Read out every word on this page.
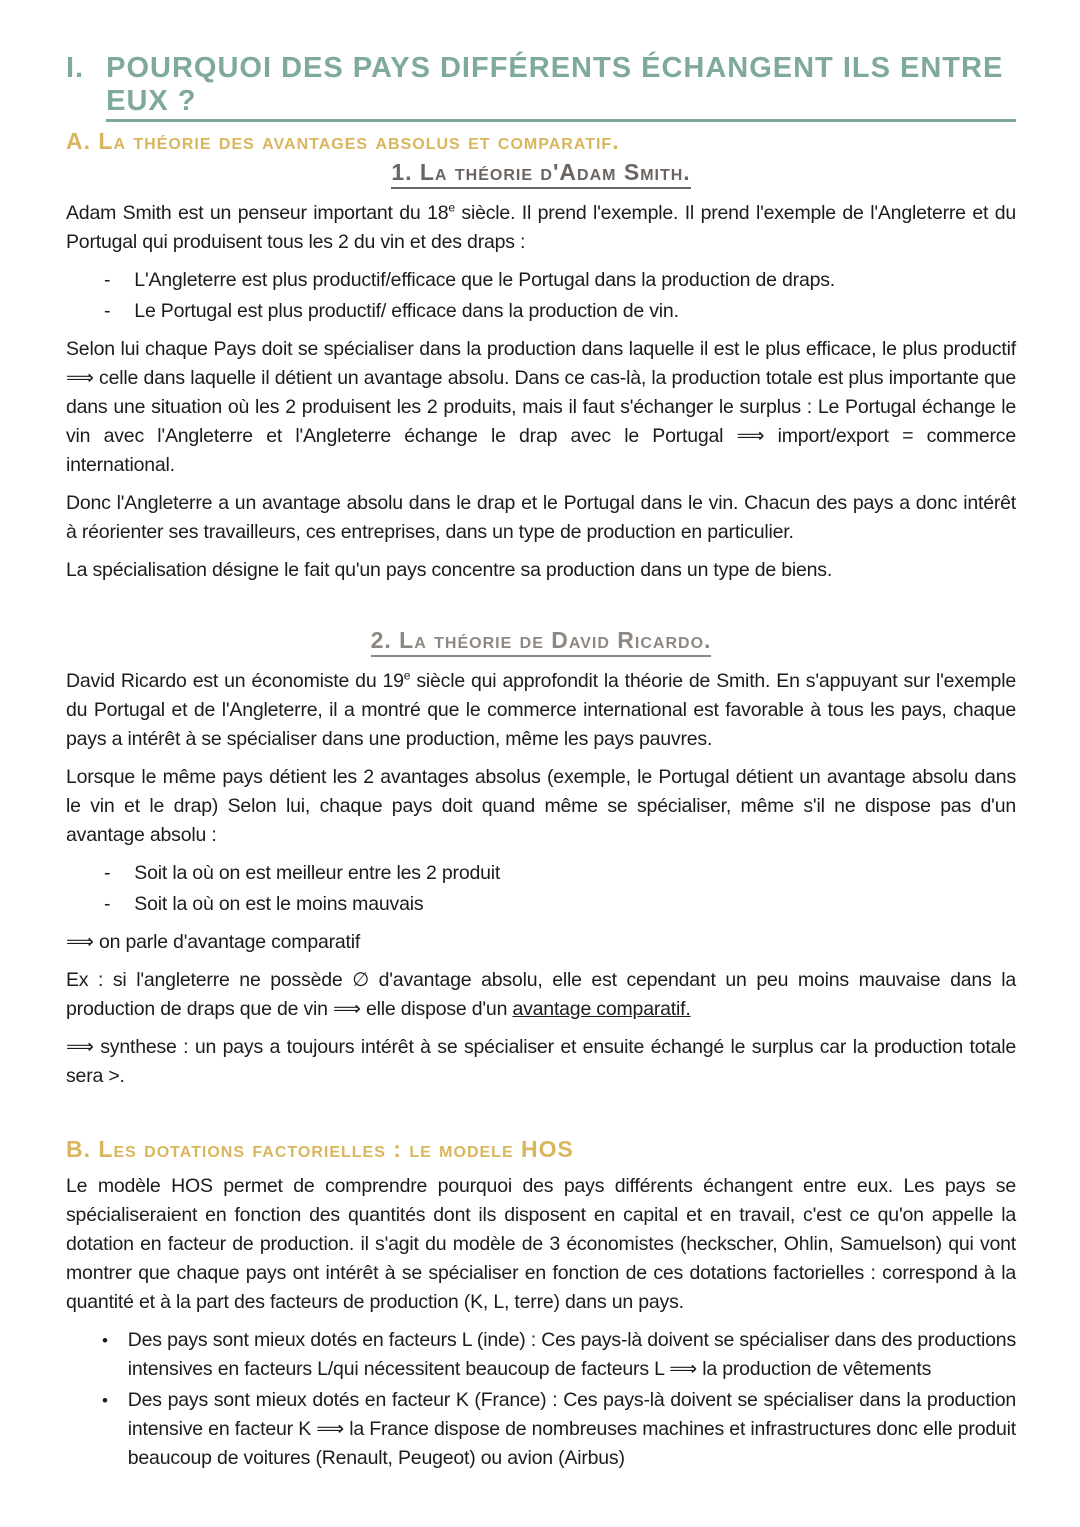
I. POURQUOI DES PAYS DIFFÉRENTS ÉCHANGENT ILS ENTRE EUX ?
A. La théorie des avantages absolus et comparatif.
1. La théorie d'Adam Smith.

Adam Smith est un penseur important du 18e siècle. Il prend l'exemple. Il prend l'exemple de l'Angleterre et du Portugal qui produisent tous les 2 du vin et des draps :

- L'Angleterre est plus productif/efficace que le Portugal dans la production de draps.
- Le Portugal est plus productif/ efficace dans la production de vin.

Selon lui chaque Pays doit se spécialiser dans la production dans laquelle il est le plus efficace, le plus productif ⟹ celle dans laquelle il détient un avantage absolu. Dans ce cas-là, la production totale est plus importante que dans une situation où les 2 produisent les 2 produits, mais il faut s'échanger le surplus : Le Portugal échange le vin avec l'Angleterre et l'Angleterre échange le drap avec le Portugal ⟹ import/export = commerce international.

Donc l'Angleterre a un avantage absolu dans le drap et le Portugal dans le vin. Chacun des pays a donc intérêt à réorienter ses travailleurs, ces entreprises, dans un type de production en particulier.

La spécialisation désigne le fait qu'un pays concentre sa production dans un type de biens.

2. La théorie de David Ricardo.

David Ricardo est un économiste du 19e siècle qui approfondit la théorie de Smith. En s'appuyant sur l'exemple du Portugal et de l'Angleterre, il a montré que le commerce international est favorable à tous les pays, chaque pays a intérêt à se spécialiser dans une production, même les pays pauvres.

Lorsque le même pays détient les 2 avantages absolus (exemple, le Portugal détient un avantage absolu dans le vin et le drap) Selon lui, chaque pays doit quand même se spécialiser, même s'il ne dispose pas d'un avantage absolu :

- Soit la où on est meilleur entre les 2 produit
- Soit la où on est le moins mauvais

⟹ on parle d'avantage comparatif

Ex : si l'angleterre ne possède ∅ d'avantage absolu, elle est cependant un peu moins mauvaise dans la production de draps que de vin ⟹ elle dispose d'un avantage comparatif.

⟹ synthese : un pays a toujours intérêt à se spécialiser et ensuite échangé le surplus car la production totale sera >.

B. Les dotations factorielles : le modele HOS

Le modèle HOS permet de comprendre pourquoi des pays différents échangent entre eux. Les pays se spécialiseraient en fonction des quantités dont ils disposent en capital et en travail, c'est ce qu'on appelle la dotation en facteur de production. il s'agit du modèle de 3 économistes (heckscher, Ohlin, Samuelson) qui vont montrer que chaque pays ont intérêt à se spécialiser en fonction de ces dotations factorielles : correspond à la quantité et à la part des facteurs de production (K, L, terre) dans un pays.

• Des pays sont mieux dotés en facteurs L (inde) : Ces pays-là doivent se spécialiser dans des productions intensives en facteurs L/qui nécessitent beaucoup de facteurs L ⟹ la production de vêtements
• Des pays sont mieux dotés en facteur K (France) : Ces pays-là doivent se spécialiser dans la production intensive en facteur K ⟹ la France dispose de nombreuses machines et infrastructures donc elle produit beaucoup de voitures (Renault, Peugeot) ou avion (Airbus)
